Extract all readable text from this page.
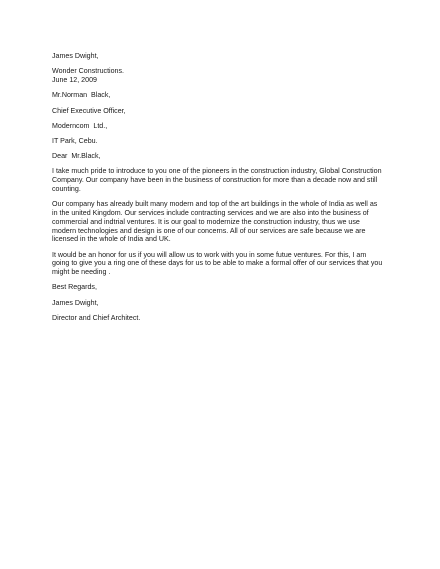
James Dwight,
Wonder Constructions.
June 12, 2009
Mr.Norman  Black,
Chief Executive Officer,
Moderncom  Ltd.,
IT Park, Cebu.
Dear  Mr.Black,

I take much pride to introduce to you one of the pioneers in the construction industry, Global Construction
Company. Our company have been in the business of construction for more than a decade now and still
counting.

Our company has already built many modern and top of the art buildings in the whole of India as well as
in the united Kingdom. Our services include contracting services and we are also into the business of
commercial and indtrial ventures. It is our goal to modernize the construction industry, thus we use
modern technologies and design is one of our concerns. All of our services are safe because we are
licensed in the whole of India and UK.

It would be an honor for us if you will allow us to work with you in some futue ventures. For this, I am
going to give you a ring one of these days for us to be able to make a formal offer of our services that you
might be needing .

Best Regards,
James Dwight,
Director and Chief Architect.
